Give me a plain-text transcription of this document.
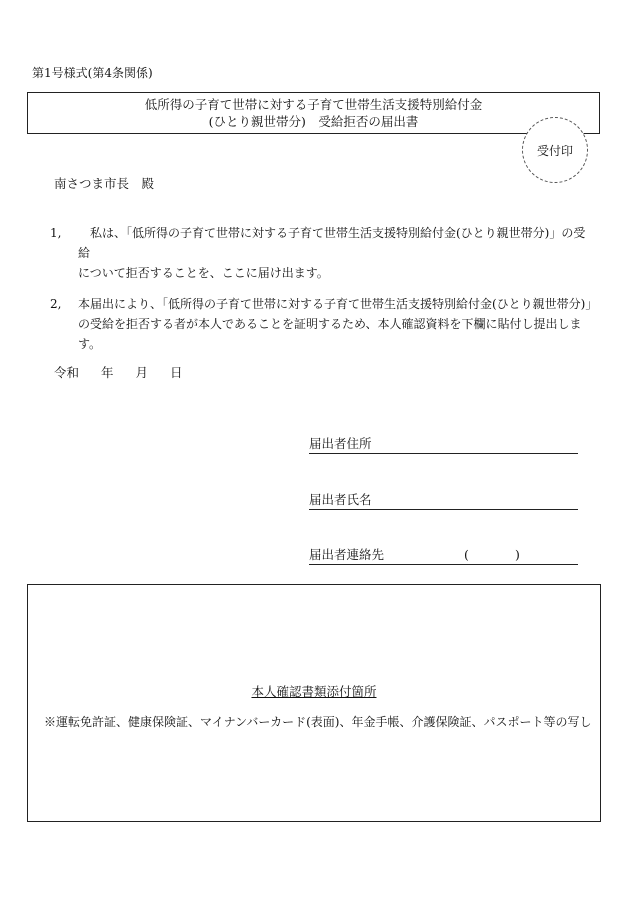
第1号様式(第4条関係)
低所得の子育て世帯に対する子育て世帯生活支援特別給付金
(ひとり親世帯分)　受給拒否の届出書
受付印
南さつま市長　殿
1,	　私は、「低所得の子育て世帯に対する子育て世帯生活支援特別給付金(ひとり親世帯分)」の受給
について拒否することを、ここに届け出ます。
2,	本届出により、「低所得の子育て世帯に対する子育て世帯生活支援特別給付金(ひとり親世帯分)」
の受給を拒否する者が本人であることを証明するため、本人確認資料を下欄に貼付し提出します。
令和 年 月 日
届出者住所
届出者氏名
届出者連絡先	(	)
本人確認書類添付箇所
※運転免許証、健康保険証、マイナンバーカード(表面)、年金手帳、介護保険証、パスポート等の写し
